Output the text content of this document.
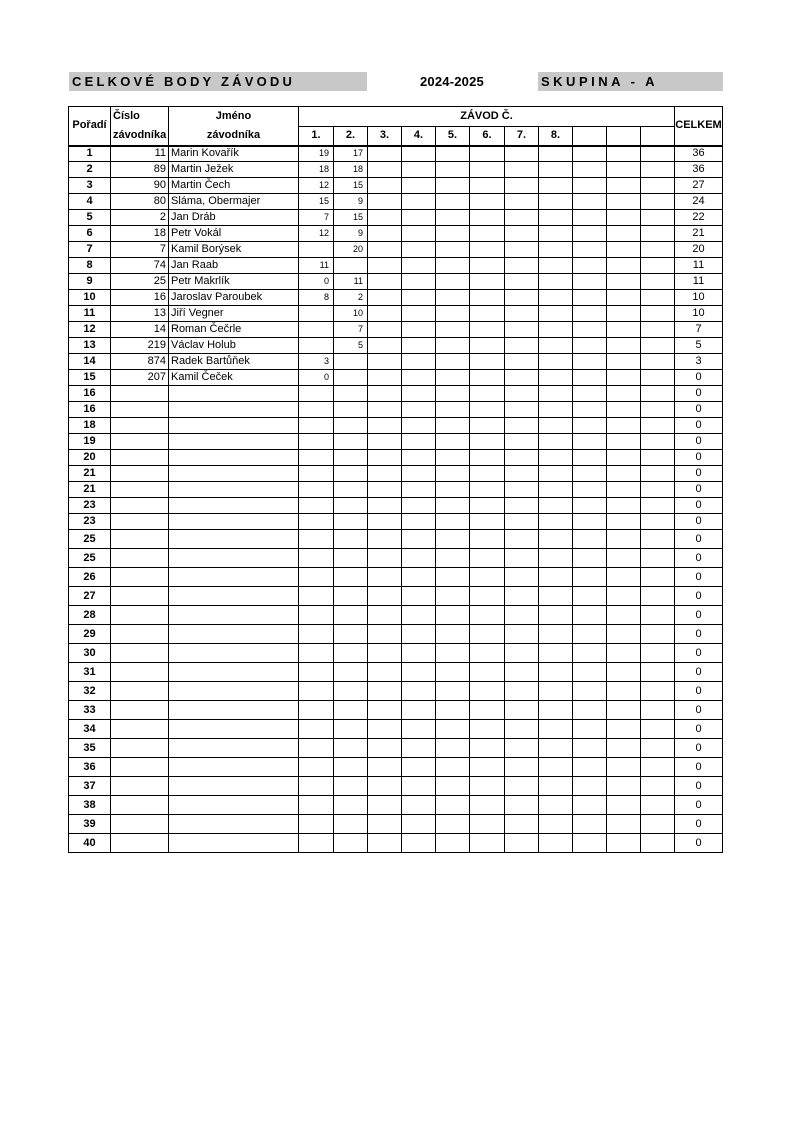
CELKOVÉ BODY ZÁVODU	2024-2025	SKUPINA - A
Pořadí	Číslo	Jméno	ZÁVOD Č.											CELKEM
	závodníka	závodníka	1.	2.	3.	4.	5.	6.	7.	8.				
1	11	Marin Kovařík	19	17										36
2	89	Martin Ježek	18	18										36
3	90	Martin Čech	12	15										27
4	80	Sláma, Obermajer	15	9										24
5	2	Jan Dráb	7	15										22
6	18	Petr Vokál	12	9										21
7	7	Kamil Borýsek		20										20
8	74	Jan Raab	11											11
9	25	Petr Makrlík	0	11										11
10	16	Jaroslav Paroubek	8	2										10
11	13	Jiří Vegner		10										10
12	14	Roman Čečrle		7										7
13	219	Václav Holub		5										5
14	874	Radek Bartůňek	3											3
15	207	Kamil Čeček	0											0
16														0
16														0
18														0
19														0
20														0
21														0
21														0
23														0
23														0
25														0
25														0
26														0
27														0
28														0
29														0
30														0
31														0
32														0
33														0
34														0
35														0
36														0
37														0
38														0
39														0
40														0
